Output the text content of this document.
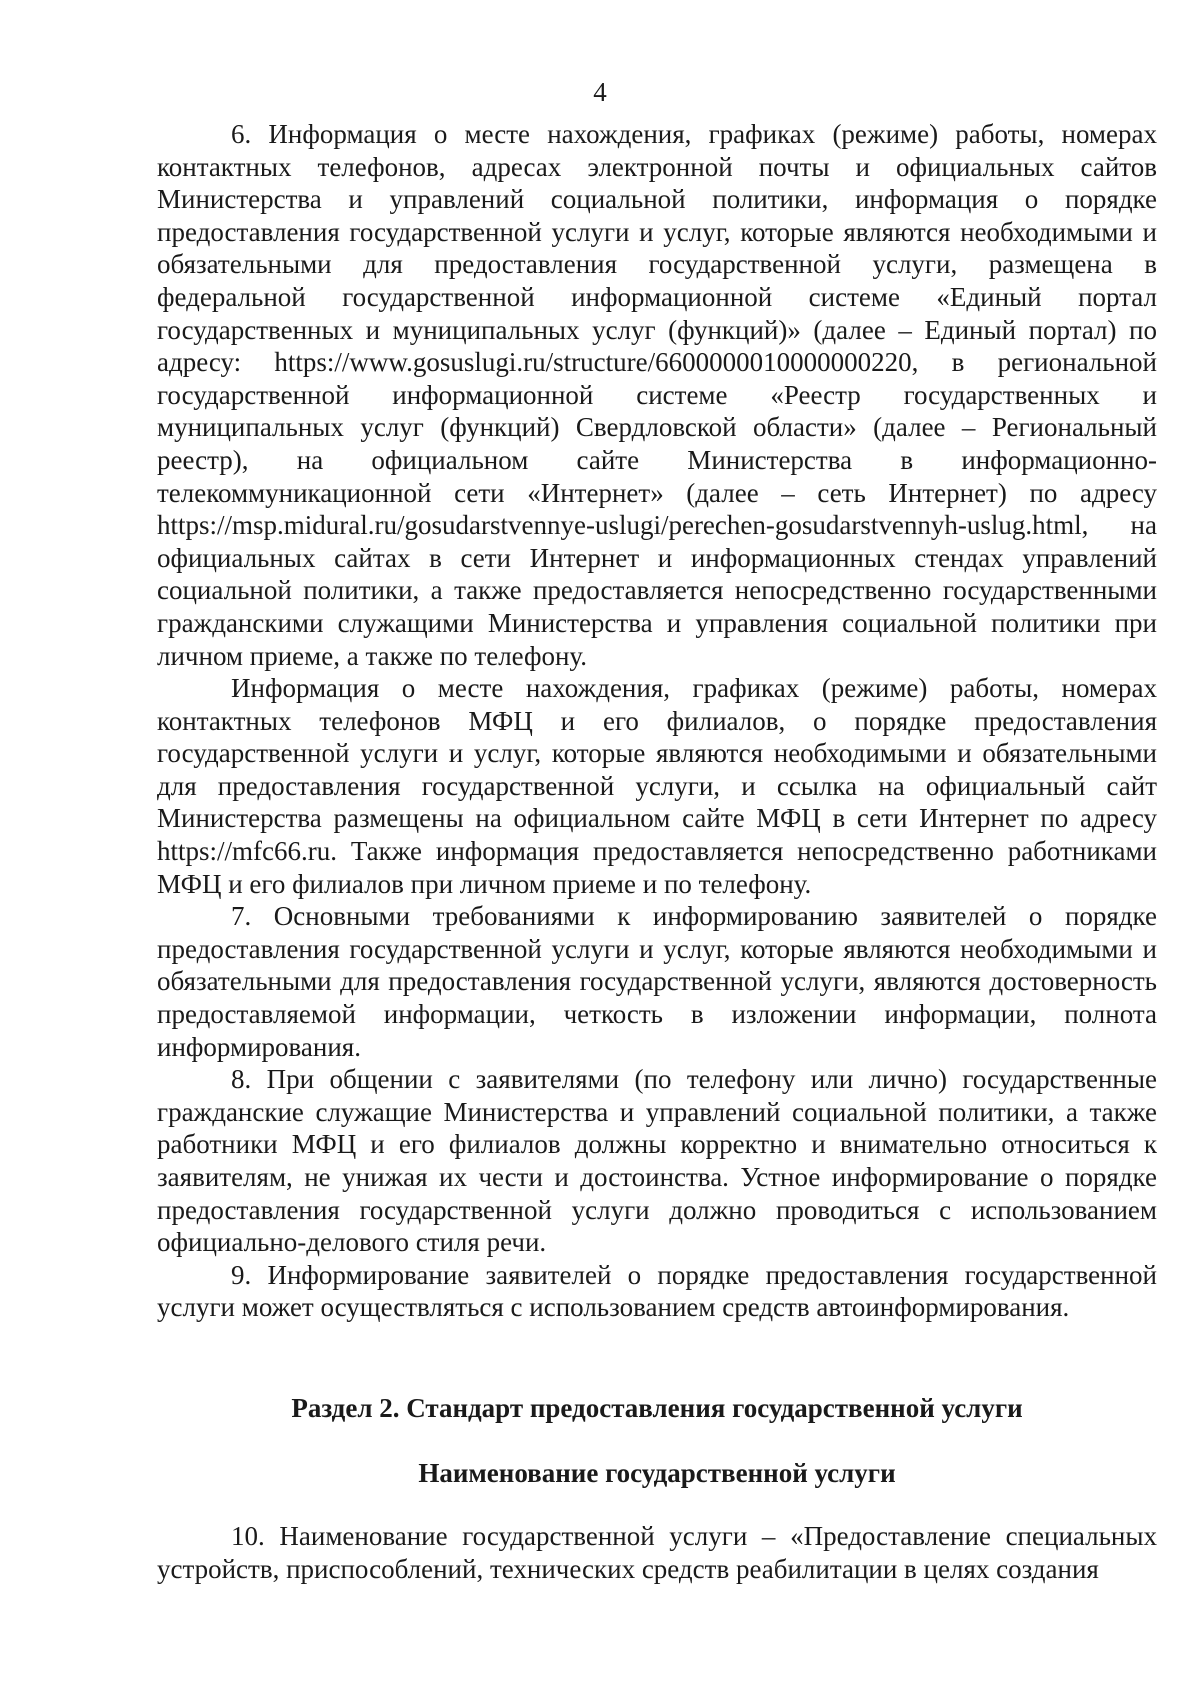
4

6. Информация о месте нахождения, графиках (режиме) работы, номерах контактных телефонов, адресах электронной почты и официальных сайтов Министерства и управлений социальной политики, информация о порядке предоставления государственной услуги и услуг, которые являются необходимыми и обязательными для предоставления государственной услуги, размещена в федеральной государственной информационной системе «Единый портал государственных и муниципальных услуг (функций)» (далее – Единый портал) по адресу: https://www.gosuslugi.ru/structure/6600000010000000220, в региональной государственной информационной системе «Реестр государственных и муниципальных услуг (функций) Свердловской области» (далее – Региональный реестр), на официальном сайте Министерства в информационно-телекоммуникационной сети «Интернет» (далее – сеть Интернет) по адресу https://msp.midural.ru/gosudarstvennye-uslugi/perechen-gosudarstvennyh-uslug.html, на официальных сайтах в сети Интернет и информационных стендах управлений социальной политики, а также предоставляется непосредственно государственными гражданскими служащими Министерства и управления социальной политики при личном приеме, а также по телефону.

Информация о месте нахождения, графиках (режиме) работы, номерах контактных телефонов МФЦ и его филиалов, о порядке предоставления государственной услуги и услуг, которые являются необходимыми и обязательными для предоставления государственной услуги, и ссылка на официальный сайт Министерства размещены на официальном сайте МФЦ в сети Интернет по адресу https://mfc66.ru. Также информация предоставляется непосредственно работниками МФЦ и его филиалов при личном приеме и по телефону.

7. Основными требованиями к информированию заявителей о порядке предоставления государственной услуги и услуг, которые являются необходимыми и обязательными для предоставления государственной услуги, являются достоверность предоставляемой информации, четкость в изложении информации, полнота информирования.

8. При общении с заявителями (по телефону или лично) государственные гражданские служащие Министерства и управлений социальной политики, а также работники МФЦ и его филиалов должны корректно и внимательно относиться к заявителям, не унижая их чести и достоинства. Устное информирование о порядке предоставления государственной услуги должно проводиться с использованием официально-делового стиля речи.

9. Информирование заявителей о порядке предоставления государственной услуги может осуществляться с использованием средств автоинформирования.

Раздел 2. Стандарт предоставления государственной услуги
Наименование государственной услуги

10. Наименование государственной услуги – «Предоставление специальных устройств, приспособлений, технических средств реабилитации в целях создания
